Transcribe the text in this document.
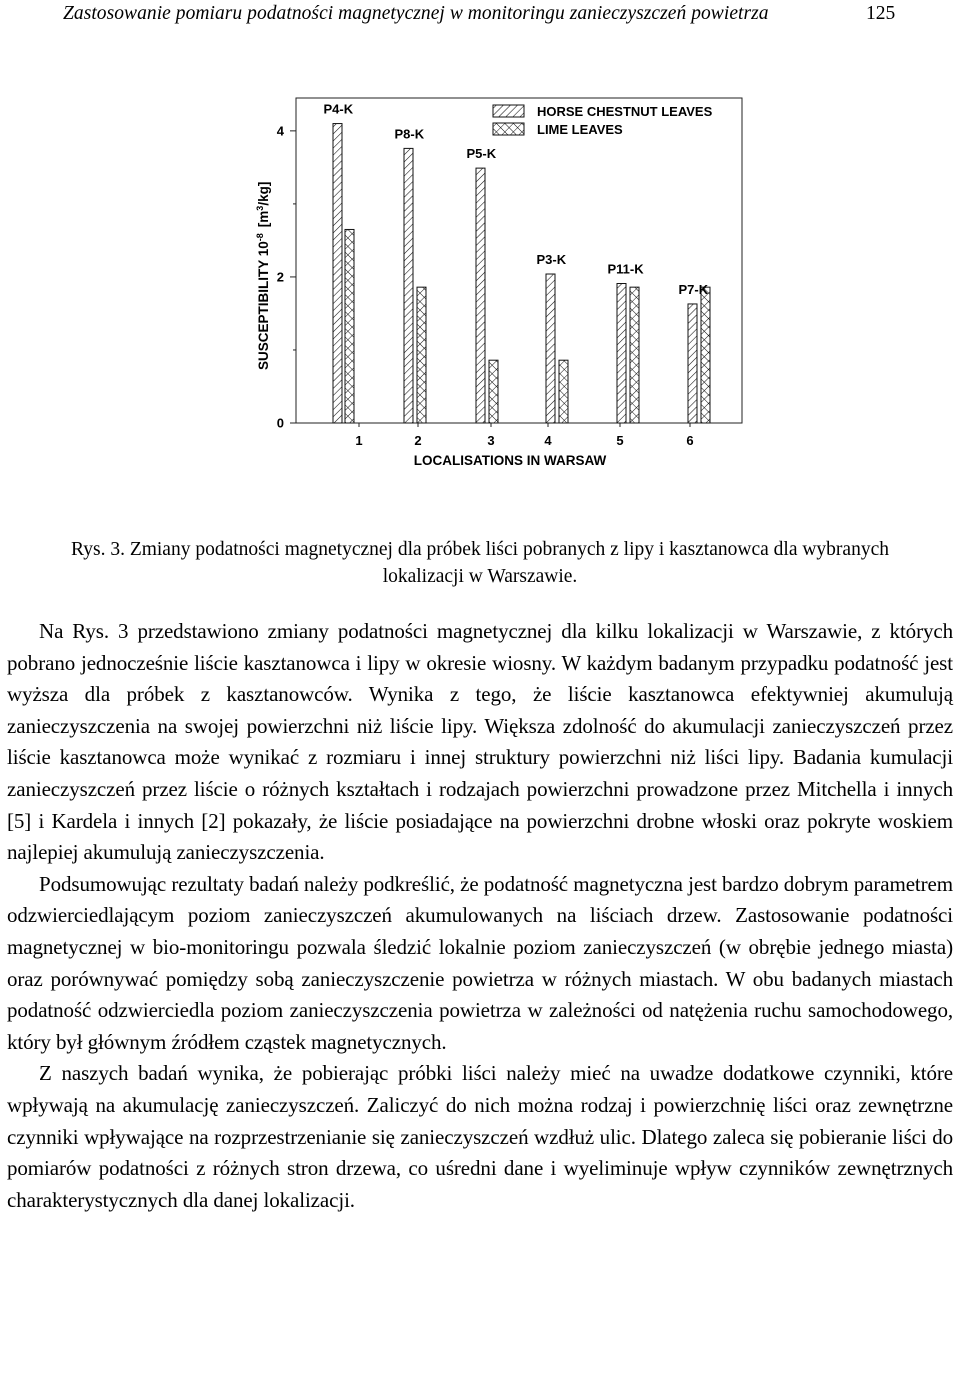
Zastosowanie pomiaru podatności magnetycznej w monitoringu zanieczyszczeń powietrza	125
0
2
4
1	2	3	4	5	6
P4-K
P8-K
P5-K
P3-K
P11-K
P7-K
HORSE CHESTNUT LEAVES
LIME LEAVES
SUSCEPTIBILITY $10^{-8}[m^3/kg]$
LOCALISATIONS IN WARSAW
Rys. 3. Zmiany podatności magnetycznej dla próbek liści pobranych z lipy i kasztanowca dla wybranych
lokalizacji w Warszawie.

Na Rys. 3 przedstawiono zmiany podatności magnetycznej dla kilku lokalizacji w Warszawie, z których pobrano jednocześnie liście kasztanowca i lipy w okresie wiosny. W każdym badanym przypadku podatność jest wyższa dla próbek z kasztanowców. Wynika z tego, że liście kasztanowca efektywniej akumulują zanieczyszczenia na swojej powierzchni niż liście lipy. Większa zdolność do akumulacji zanieczyszczeń przez liście kasztanowca może wynikać z rozmiaru i innej struktury powierzchni niż liści lipy. Badania kumulacji zanieczyszczeń przez liście o różnych kształtach i rodzajach powierzchni prowadzone przez Mitchella i innych [5] i Kardela i innych [2] pokazały, że liście posiadające na powierzchni drobne włoski oraz pokryte woskiem najlepiej akumulują zanieczyszczenia.

Podsumowując rezultaty badań należy podkreślić, że podatność magnetyczna jest bardzo dobrym parametrem odzwierciedlającym poziom zanieczyszczeń akumulowanych na liściach drzew. Zastosowanie podatności magnetycznej w bio-monitoringu pozwala śledzić lokalnie poziom zanieczyszczeń (w obrębie jednego miasta) oraz porównywać pomiędzy sobą zanieczyszczenie powietrza w różnych miastach. W obu badanych miastach podatność odzwierciedla poziom zanieczyszczenia powietrza w zależności od natężenia ruchu samochodowego, który był głównym źródłem cząstek magnetycznych.

Z naszych badań wynika, że pobierając próbki liści należy mieć na uwadze dodatkowe czynniki, które wpływają na akumulację zanieczyszczeń. Zaliczyć do nich można rodzaj i powierzchnię liści oraz zewnętrzne czynniki wpływające na rozprzestrzenianie się zanieczyszczeń wzdłuż ulic. Dlatego zaleca się pobieranie liści do pomiarów podatności z różnych stron drzewa, co uśredni dane i wyeliminuje wpływ czynników zewnętrznych charakterystycznych dla danej lokalizacji.
